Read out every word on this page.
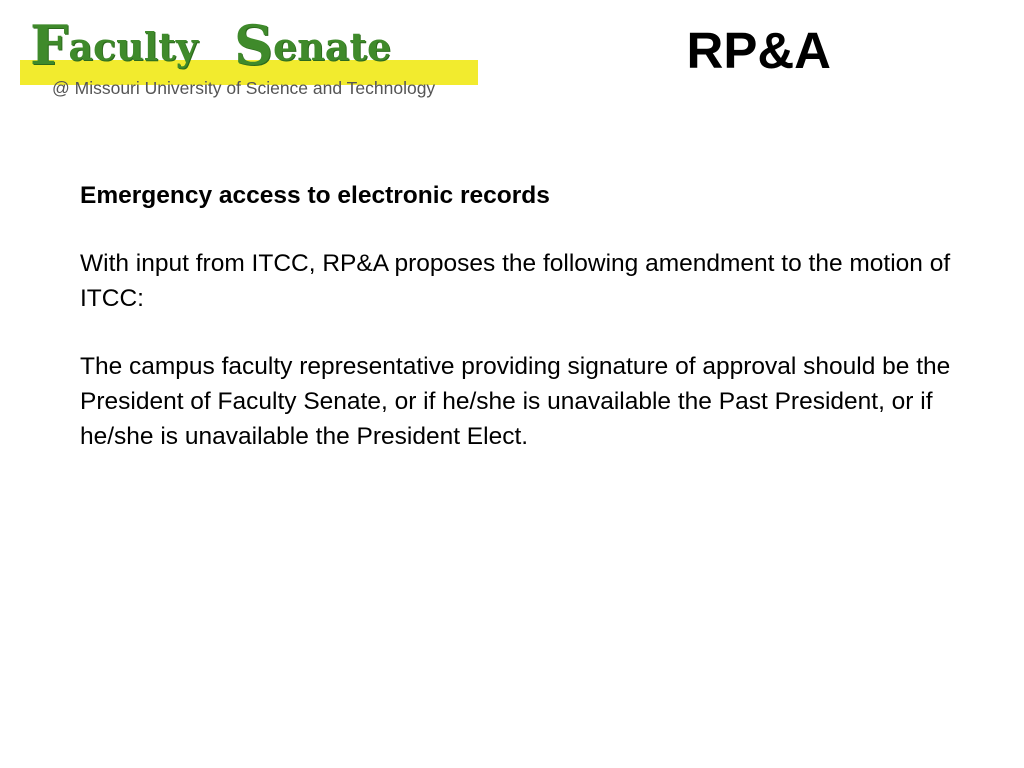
Faculty Senate
@ Missouri University of Science and Technology
RP&A

Emergency access to electronic records

With input from ITCC, RP&A proposes the following amendment to the motion of ITCC:

The campus faculty representative providing signature of approval should be the President of Faculty Senate, or if he/she is unavailable the Past President, or if he/she is unavailable the President Elect.
